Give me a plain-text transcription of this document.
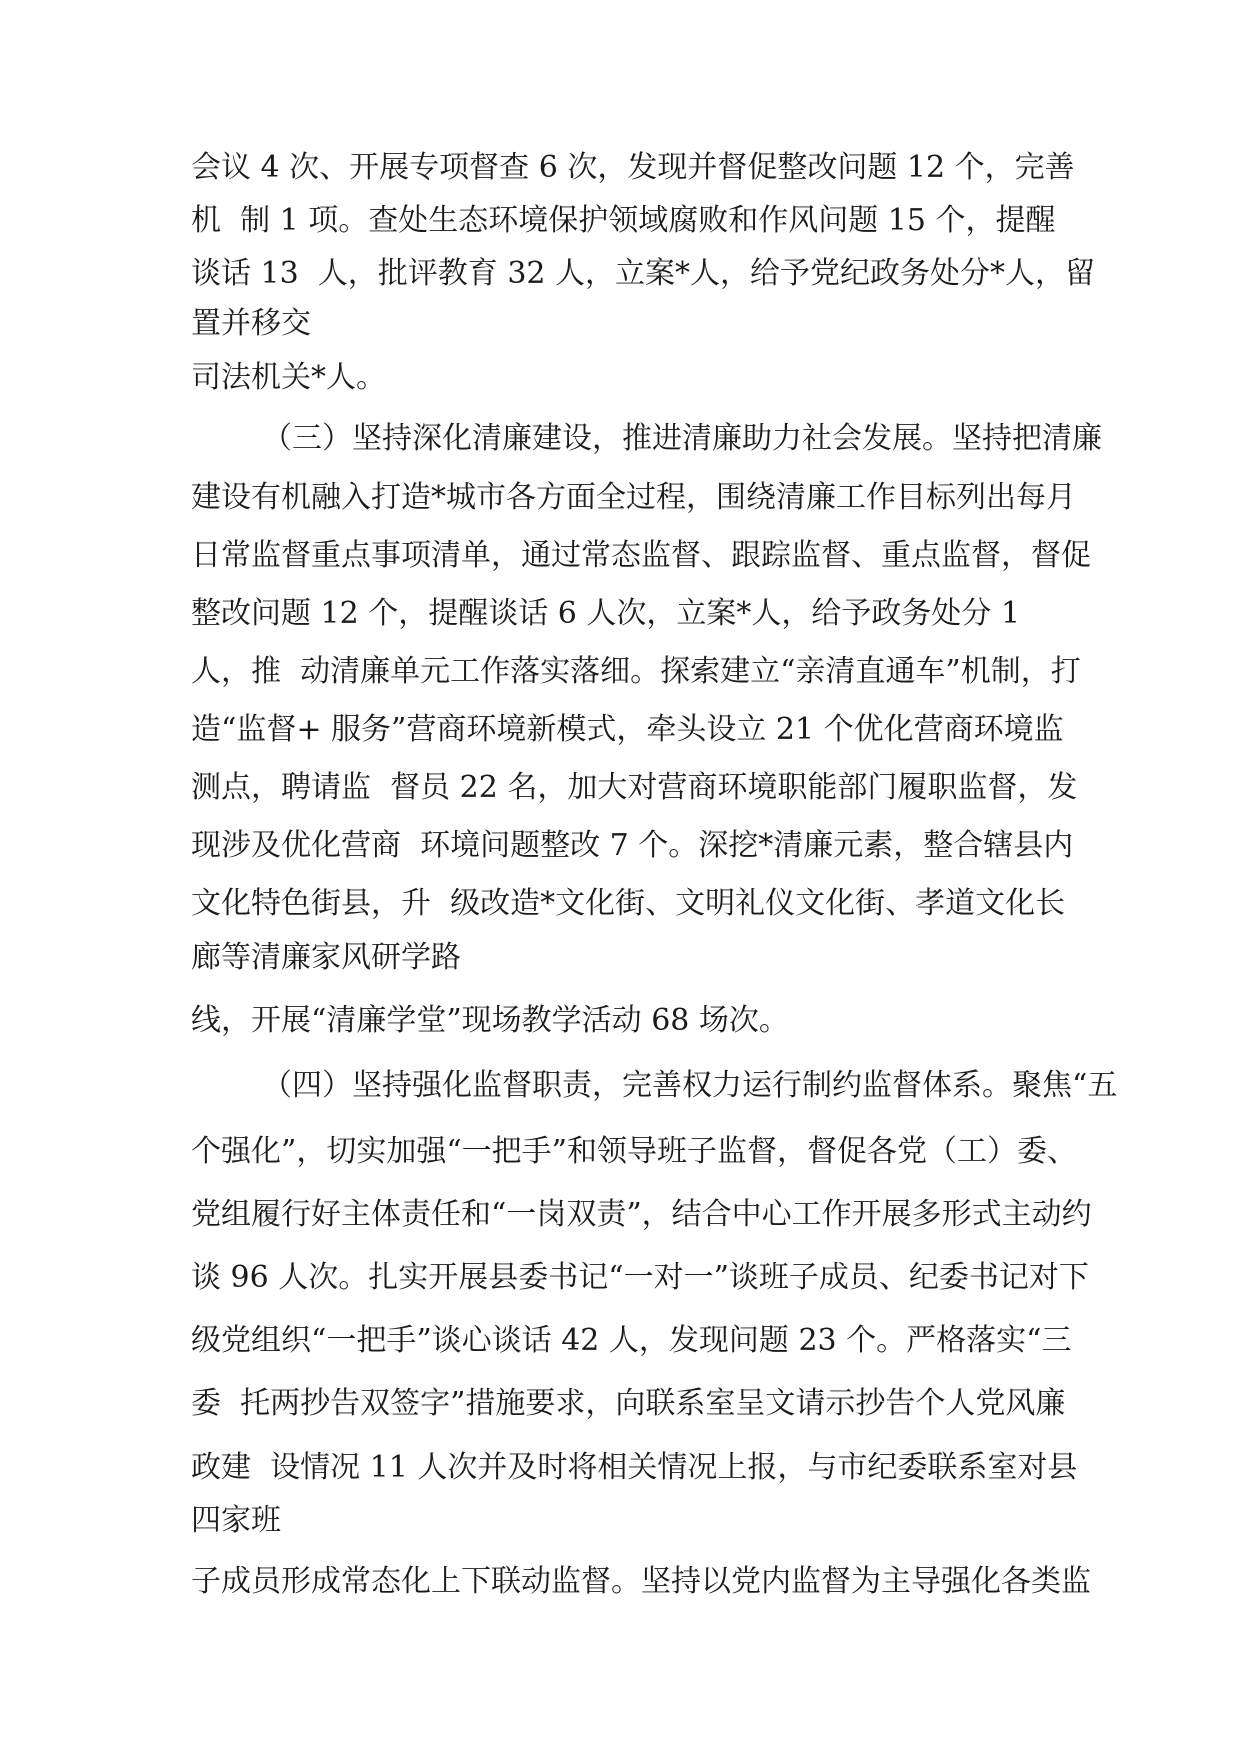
会议 4 次、开展专项督查 6 次，发现并督促整改问题 12 个，完善
机  制 1 项。查处生态环境保护领域腐败和作风问题 15 个，提醒
谈话 13  人，批评教育 32 人，立案*人，给予党纪政务处分*人，留
置并移交
司法机关*人。
（三）坚持深化清廉建设，推进清廉助力社会发展。坚持把清廉
建设有机融入打造*城市各方面全过程，围绕清廉工作目标列出每月
日常监督重点事项清单，通过常态监督、跟踪监督、重点监督，督促
整改问题 12 个，提醒谈话 6 人次，立案*人，给予政务处分 1
人，推  动清廉单元工作落实落细。探索建立“亲清直通车”机制，打
造“监督+ 服务”营商环境新模式，牵头设立 21 个优化营商环境监
测点，聘请监  督员 22 名，加大对营商环境职能部门履职监督，发
现涉及优化营商  环境问题整改 7 个。深挖*清廉元素，整合辖县内
文化特色街县，升  级改造*文化街、文明礼仪文化街、孝道文化长
廊等清廉家风研学路
线，开展“清廉学堂”现场教学活动 68 场次。
（四）坚持强化监督职责，完善权力运行制约监督体系。聚焦“五
个强化”，切实加强“一把手”和领导班子监督，督促各党（工）委、
党组履行好主体责任和“一岗双责”，结合中心工作开展多形式主动约
谈 96 人次。扎实开展县委书记“一对一”谈班子成员、纪委书记对下
级党组织“一把手”谈心谈话 42 人，发现问题 23 个。严格落实“三
委  托两抄告双签字”措施要求，向联系室呈文请示抄告个人党风廉
政建  设情况 11 人次并及时将相关情况上报，与市纪委联系室对县
四家班
子成员形成常态化上下联动监督。坚持以党内监督为主导强化各类监
